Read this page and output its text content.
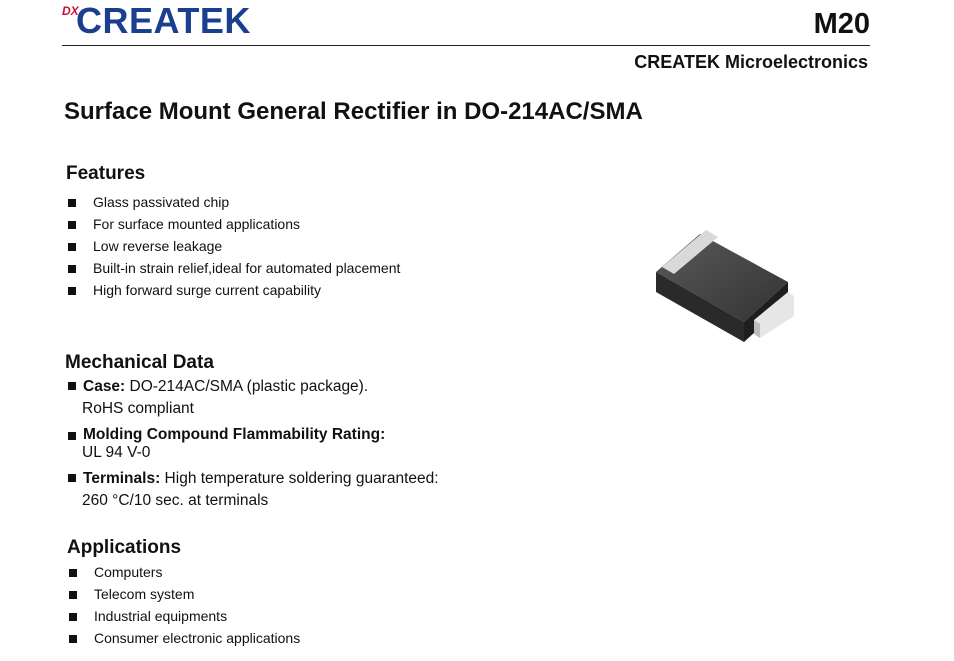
DX
CREATEK	M20
CREATEK Microelectronics
Surface Mount General Rectifier in DO-214AC/SMA
Features
Glass passivated chip
For surface mounted applications
Low reverse leakage
Built-in strain relief,ideal for automated placement
High forward surge current capability
Mechanical Data
Case: DO-214AC/SMA (plastic package).
RoHS compliant
Molding Compound Flammability Rating:
UL 94 V-0
Terminals: High temperature soldering guaranteed:
260 °C/10 sec. at terminals
Applications
Computers
Telecom system
Industrial equipments
Consumer electronic applications
